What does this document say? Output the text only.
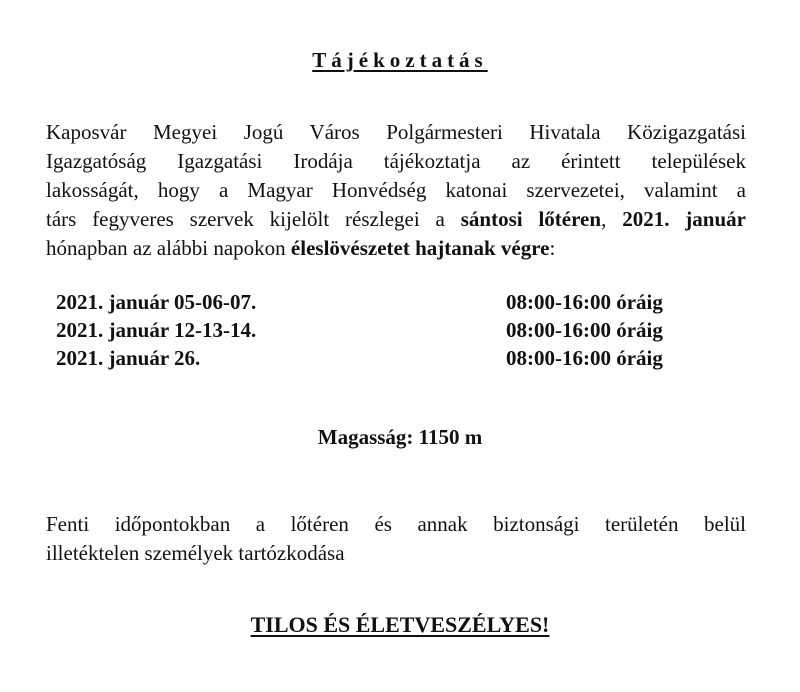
Tájékoztatás
Kaposvár Megyei Jogú Város Polgármesteri Hivatala Közigazgatási
Igazgatóság Igazgatási Irodája tájékoztatja az érintett települések
lakosságát, hogy a Magyar Honvédség katonai szervezetei, valamint a
társ fegyveres szervek kijelölt részlegei a sántosi lőtéren, 2021. január
hónapban az alábbi napokon éleslövészetet hajtanak végre:
2021. január 05-06-07.	08:00-16:00 óráig
2021. január 12-13-14.	08:00-16:00 óráig
2021. január 26.	08:00-16:00 óráig
Magasság: 1150 m
Fenti időpontokban a lőtéren és annak biztonsági területén belül
illetéktelen személyek tartózkodása
TILOS ÉS ÉLETVESZÉLYES!
